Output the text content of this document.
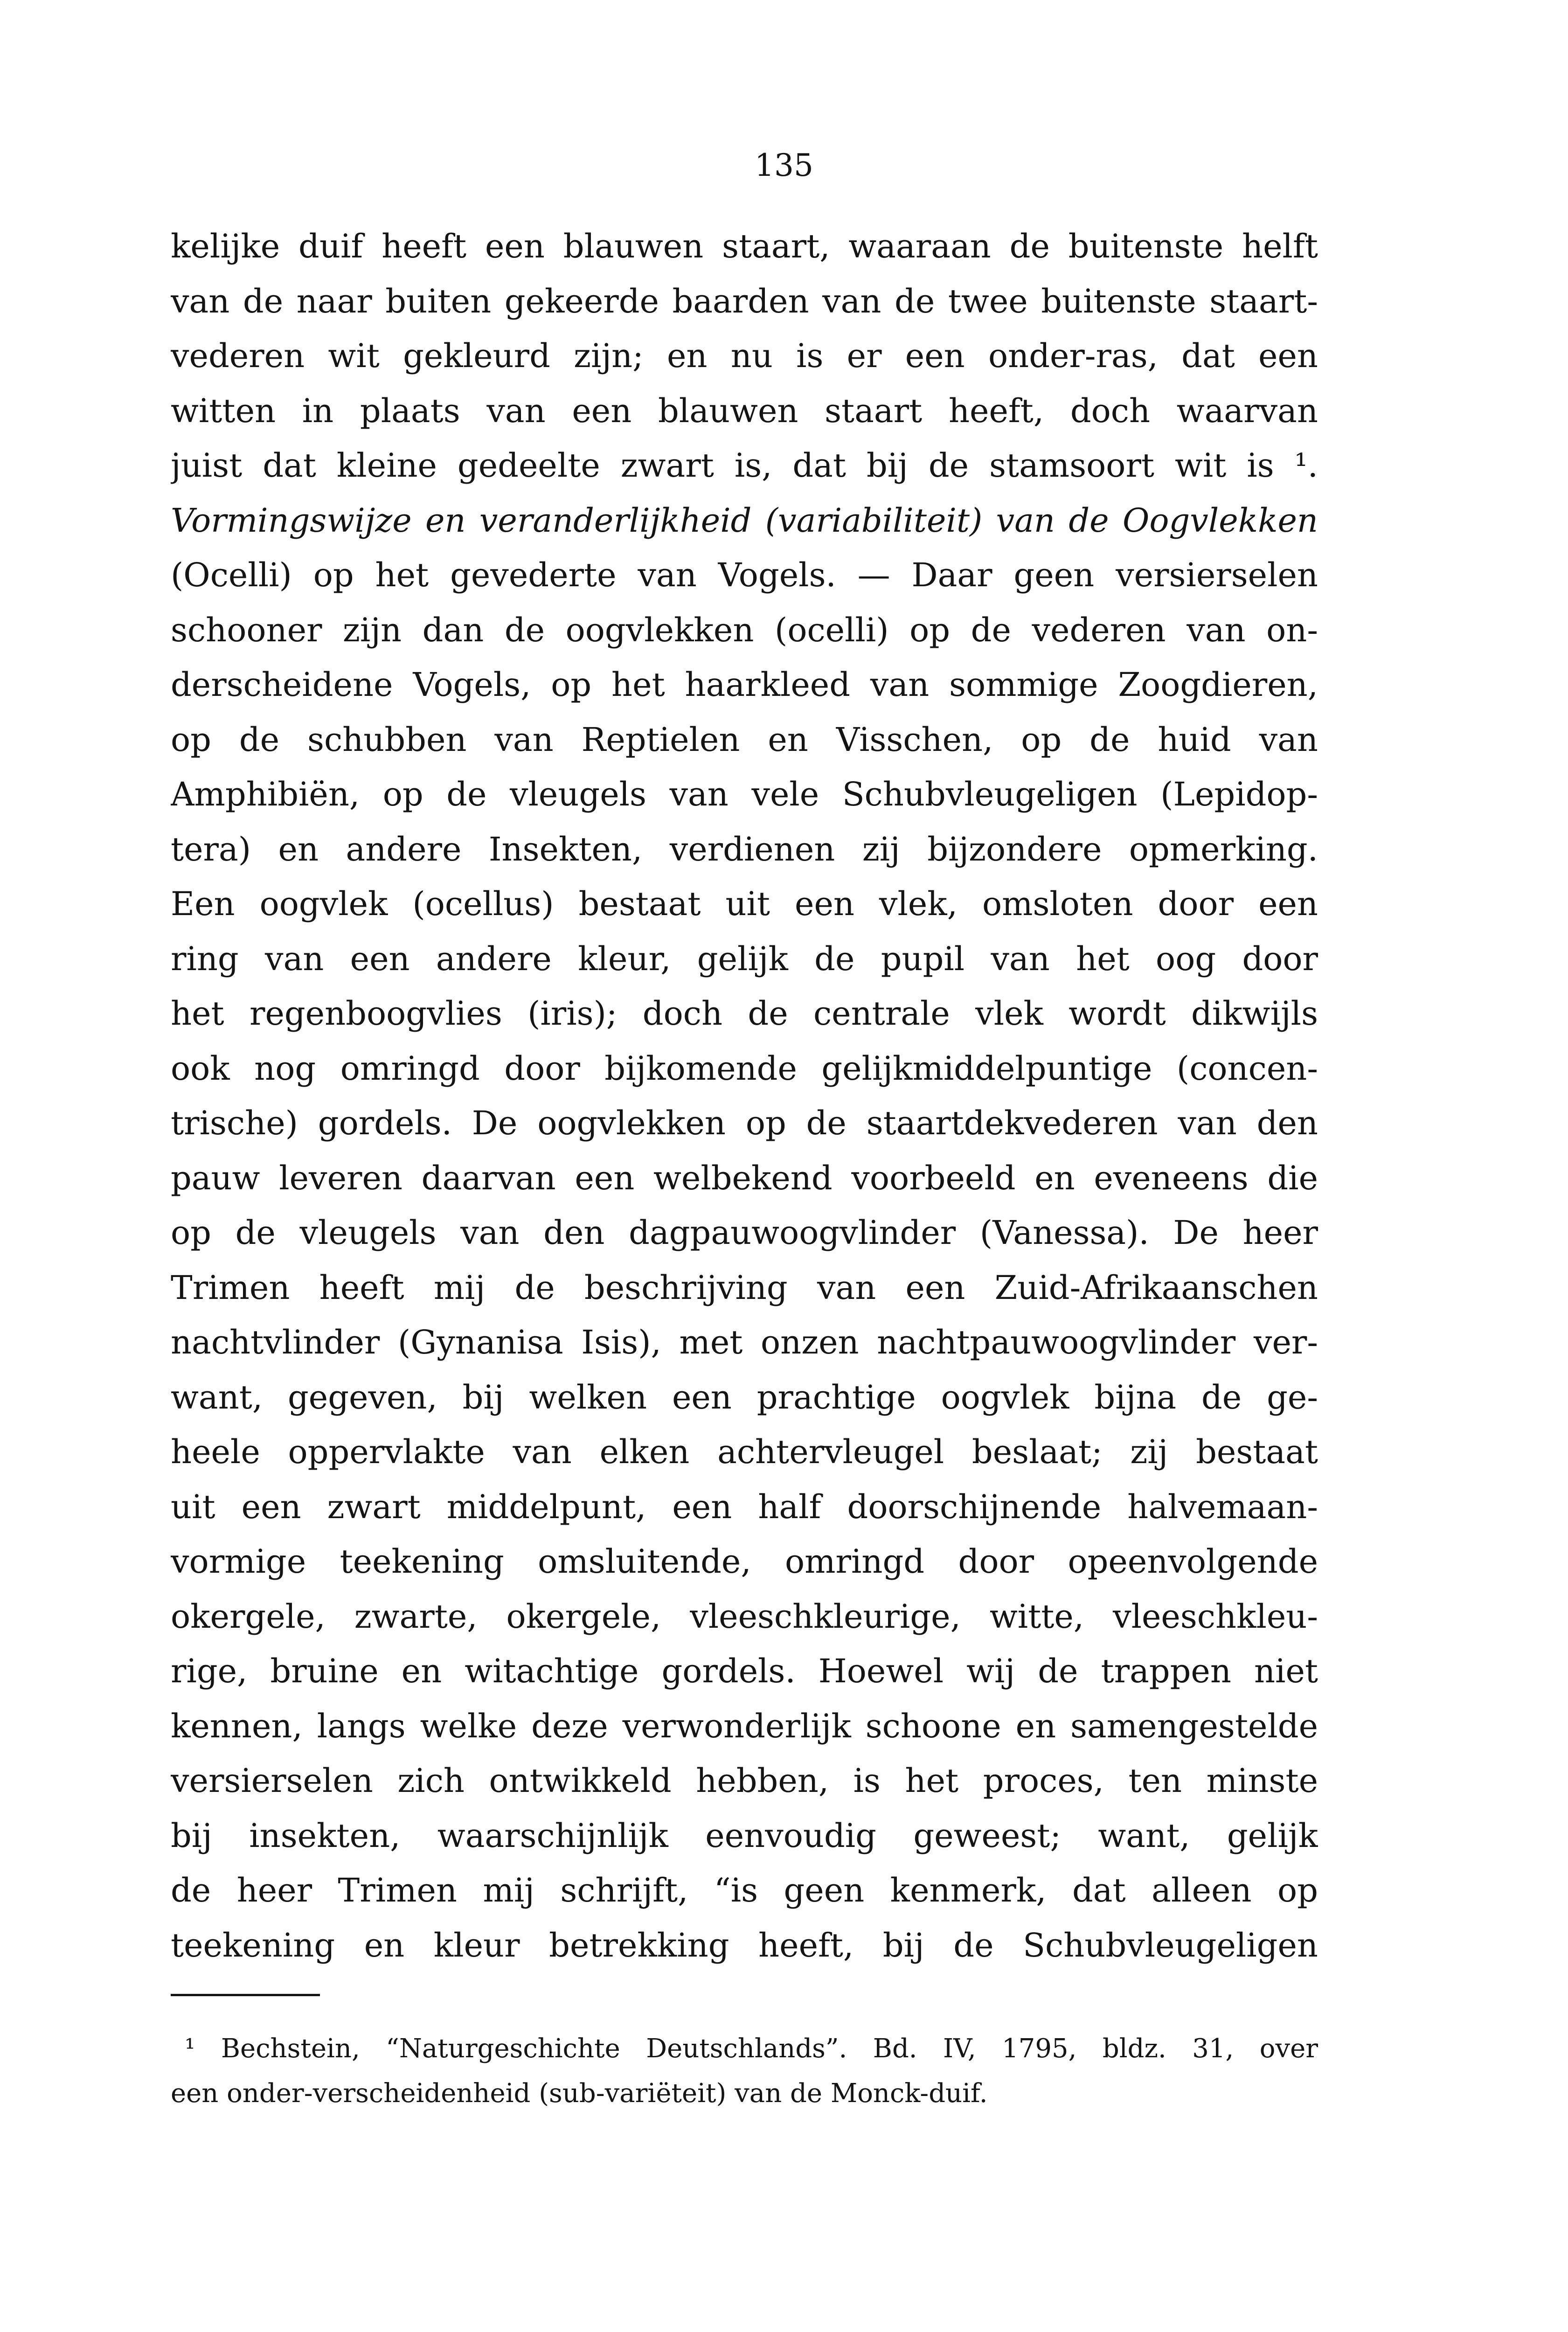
135
kelijke duif heeft een blauwen staart, waaraan de buitenste helft
van de naar buiten gekeerde baarden van de twee buitenste staart-
vederen wit gekleurd zijn; en nu is er een onder-ras, dat een
witten in plaats van een blauwen staart heeft, doch waarvan
juist dat kleine gedeelte zwart is, dat bij de stamsoort wit is ¹.
Vormingswijze en veranderlijkheid (variabiliteit) van de Oogvlekken
(Ocelli) op het gevederte van Vogels. — Daar geen versierselen
schooner zijn dan de oogvlekken (ocelli) op de vederen van on-
derscheidene Vogels, op het haarkleed van sommige Zoogdieren,
op de schubben van Reptielen en Visschen, op de huid van
Amphibiën, op de vleugels van vele Schubvleugeligen (Lepidop-
tera) en andere Insekten, verdienen zij bijzondere opmerking.
Een oogvlek (ocellus) bestaat uit een vlek, omsloten door een
ring van een andere kleur, gelijk de pupil van het oog door
het regenboogvlies (iris); doch de centrale vlek wordt dikwijls
ook nog omringd door bijkomende gelijkmiddelpuntige (concen-
trische) gordels. De oogvlekken op de staartdekvederen van den
pauw leveren daarvan een welbekend voorbeeld en eveneens die
op de vleugels van den dagpauwoogvlinder (Vanessa). De heer
Trimen heeft mij de beschrijving van een Zuid-Afrikaanschen
nachtvlinder (Gynanisa Isis), met onzen nachtpauwoogvlinder ver-
want, gegeven, bij welken een prachtige oogvlek bijna de ge-
heele oppervlakte van elken achtervleugel beslaat; zij bestaat
uit een zwart middelpunt, een half doorschijnende halvemaan-
vormige teekening omsluitende, omringd door opeenvolgende
okergele, zwarte, okergele, vleeschkleurige, witte, vleeschkleu-
rige, bruine en witachtige gordels. Hoewel wij de trappen niet
kennen, langs welke deze verwonderlijk schoone en samengestelde
versierselen zich ontwikkeld hebben, is het proces, ten minste
bij insekten, waarschijnlijk eenvoudig geweest; want, gelijk
de heer Trimen mij schrijft, “is geen kenmerk, dat alleen op
teekening en kleur betrekking heeft, bij de Schubvleugeligen
¹ Bechstein, “Naturgeschichte Deutschlands”. Bd. IV, 1795, bldz. 31, over
een onder-verscheidenheid (sub-variëteit) van de Monck-duif.
